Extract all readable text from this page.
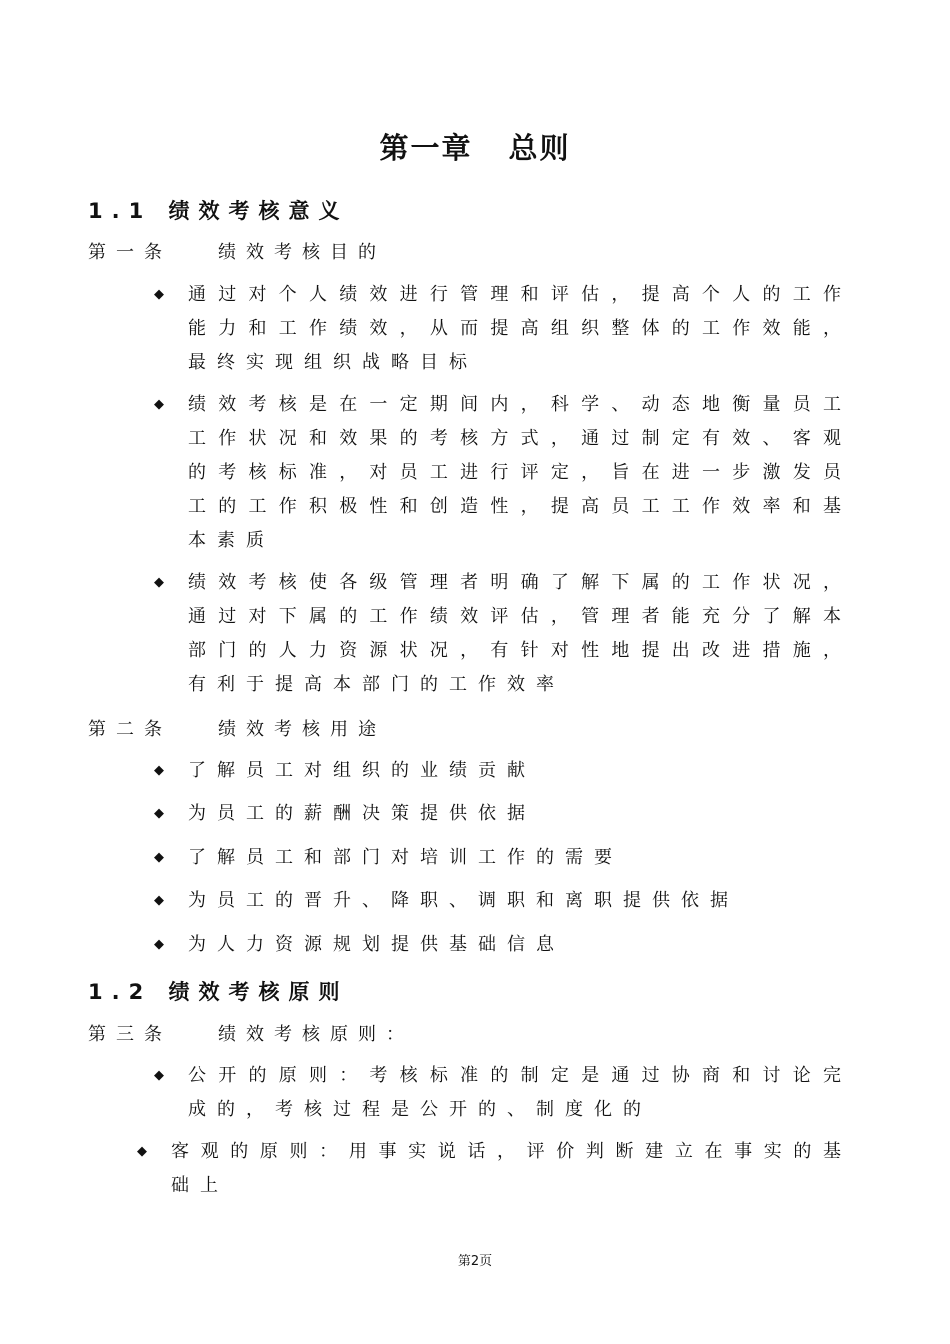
第一章 总则
1.1 绩效考核意义
第一条	绩效考核目的
◆ 通过对个人绩效进行管理和评估，提高个人的工作能力和工作绩效，从而提高组织整体的工作效能，最终实现组织战略目标
◆ 绩效考核是在一定期间内，科学、动态地衡量员工工作状况和效果的考核方式，通过制定有效、客观的考核标准，对员工进行评定，旨在进一步激发员工的工作积极性和创造性，提高员工工作效率和基本素质
◆ 绩效考核使各级管理者明确了解下属的工作状况，通过对下属的工作绩效评估，管理者能充分了解本部门的人力资源状况，有针对性地提出改进措施，有利于提高本部门的工作效率
第二条	绩效考核用途
◆ 了解员工对组织的业绩贡献
◆ 为员工的薪酬决策提供依据
◆ 了解员工和部门对培训工作的需要
◆ 为员工的晋升、降职、调职和离职提供依据
◆ 为人力资源规划提供基础信息
1.2 绩效考核原则
第三条	绩效考核原则：
◆ 公开的原则：考核标准的制定是通过协商和讨论完成的，考核过程是公开的、制度化的
◆ 客观的原则：用事实说话，评价判断建立在事实的基础上
第2页
